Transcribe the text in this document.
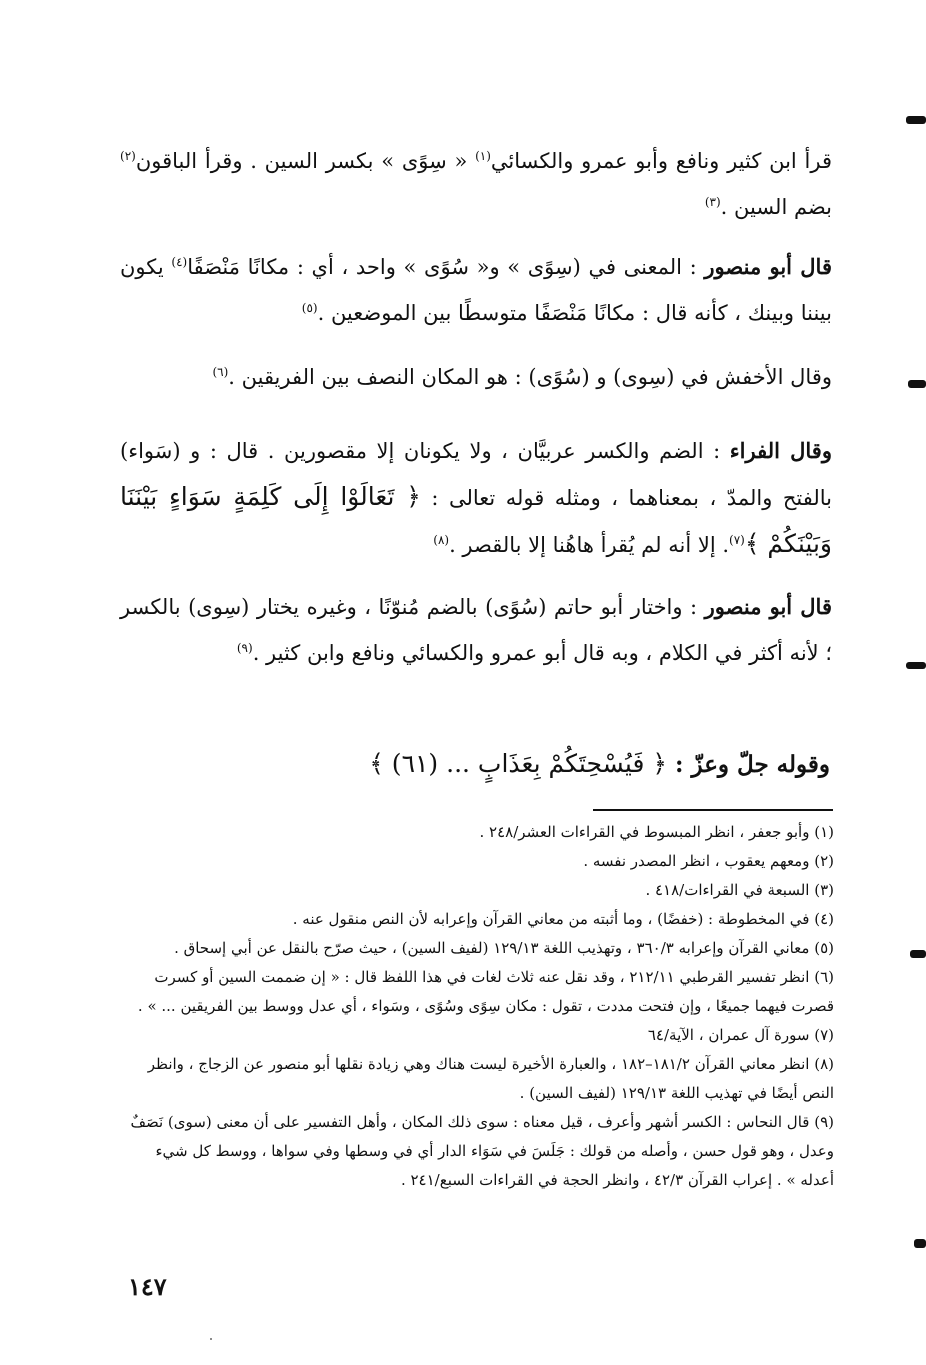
قرأ ابن كثير ونافع وأبو عمرو والكسائي$^{(١)}$ « سِوًى » بكسر السين . وقرأ الباقون$^{(٢)}$ بضم السين .$^{(٣)}$
قال أبو منصور : المعنى في (سِوًى » و« سُوًى » واحد ، أي : مكانًا مَنْصَفًا$^{(٤)}$ يكون بيننا وبينك ، كأنه قال : مكانًا مَنْصَفًا متوسطًا بين الموضعين .$^{(٥)}$
وقال الأخفش في (سِوى) و (سُوًى) : هو المكان النصف بين الفريقين .$^{(٦)}$
وقال الفراء : الضم والكسر عربيَّان ، ولا يكونان إلا مقصورين . قال : و (سَواء) بالفتح والمدّ ، بمعناهما ، ومثله قوله تعالى : ﴿ تَعَالَوْا إِلَى كَلِمَةٍ سَوَاءٍ بَيْنَنَا وَبَيْنَكُمْ ﴾$^{(٧)}$. إلا أنه لم يُقرأ هاهُنا إلا بالقصر .$^{(٨)}$
قال أبو منصور : واختار أبو حاتم (سُوًى) بالضم مُنوّنًا ، وغيره يختار (سِوى) بالكسر ؛ لأنه أكثر في الكلام ، وبه قال أبو عمرو والكسائي ونافع وابن كثير .$^{(٩)}$
وقوله جلّ وعزّ : ﴿ فَيُسْحِتَكُمْ بِعَذَابٍ ... (٦١) ﴾

(١) وأبو جعفر ، انظر المبسوط في القراءات العشر/٢٤٨ .

(٢) ومعهم يعقوب ، انظر المصدر نفسه .

(٣) السبعة في القراءات/٤١٨ .

(٤) في المخطوطة : (خفضًا) ، وما أثبته من معاني القرآن وإعرابه لأن النص منقول عنه .

(٥) معاني القرآن وإعرابه ٣٦٠/٣ ، وتهذيب اللغة ١٢٩/١٣ (لفيف السين) ، حيث صرّح بالنقل عن أبي إسحاق .

(٦) انظر تفسير القرطبي ٢١٢/١١ ، وقد نقل عنه ثلاث لغات في هذا اللفظ قال : « إن ضممت السين أو كسرت قصرت فيهما جميعًا ، وإن فتحت مددت ، تقول : مكان سِوًى وسُوًى ، وسَواء ، أي عدل ووسط بين الفريقين ... » .

(٧) سورة آل عمران ، الآية/٦٤

(٨) انظر معاني القرآن ١٨١/٢–١٨٢ ، والعبارة الأخيرة ليست هناك وهي زيادة نقلها أبو منصور عن الزجاج ، وانظر النص أيضًا في تهذيب اللغة ١٢٩/١٣ (لفيف السين) .

(٩) قال النحاس : الكسر أشهر وأعرف ، قيل معناه : سوى ذلك المكان ، وأهل التفسير على أن معنى (سوى) نَصَفٌ وعدل ، وهو قول حسن ، وأصله من قولك : جَلَسَ في سَوَاء الدار أي في وسطها وفي سواها ، ووسط كل شيء أعدله » . إعراب القرآن ٤٢/٣ ، وانظر الحجة في القراءات السبع/٢٤١ .

١٤٧
